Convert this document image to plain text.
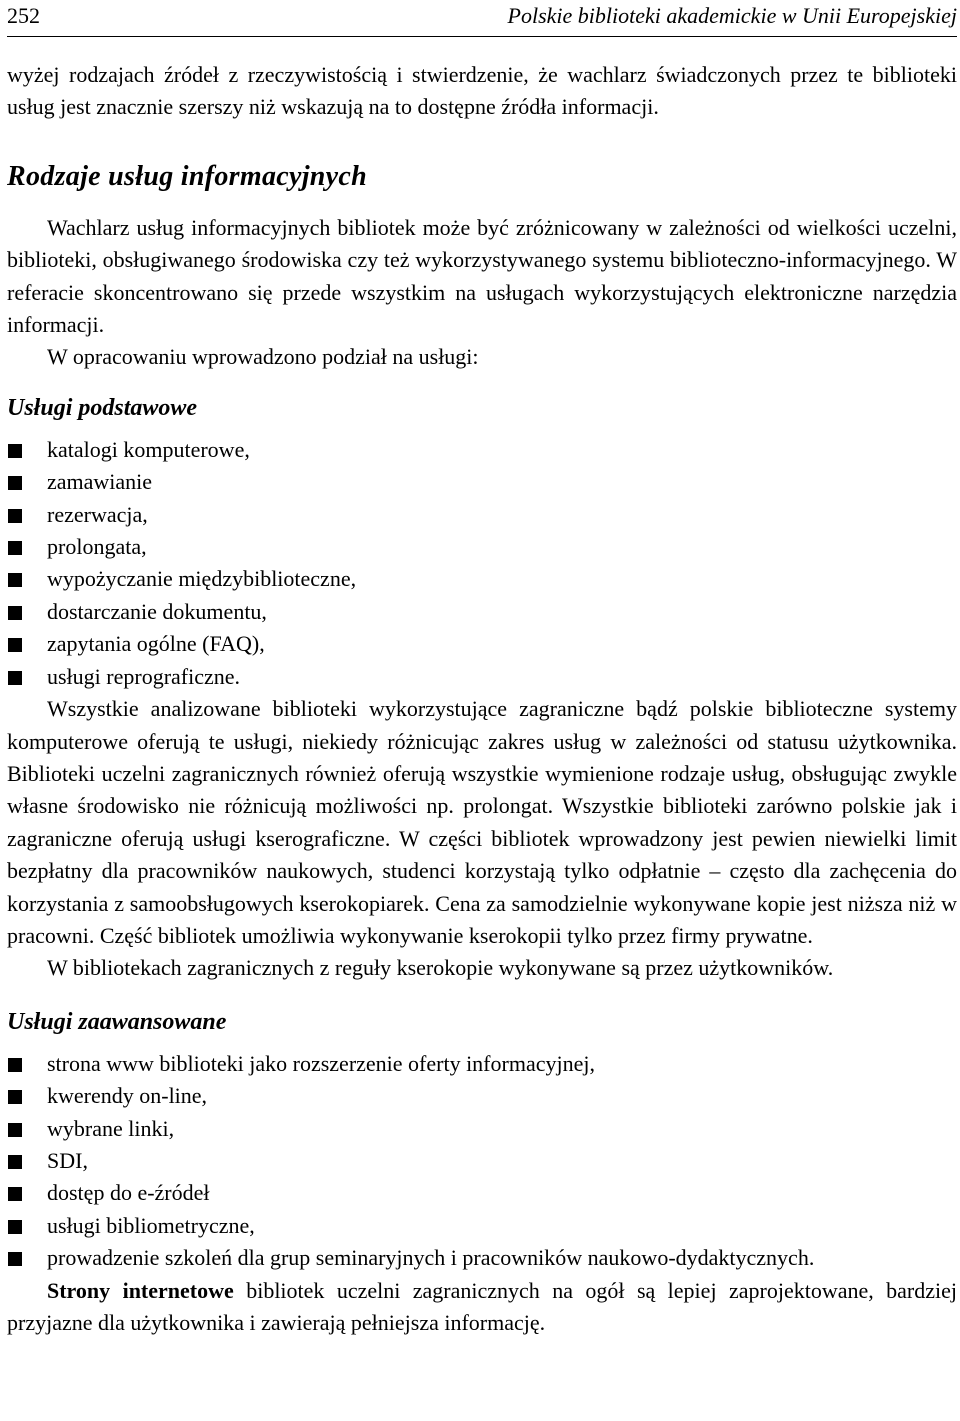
252	Polskie biblioteki akademickie w Unii Europejskiej

wyżej rodzajach źródeł z rzeczywistością i stwierdzenie, że wachlarz świadczonych przez te biblioteki usług jest znacznie szerszy niż wskazują na to dostępne źródła informacji.

Rodzaje usług informacyjnych

Wachlarz usług informacyjnych bibliotek może być zróżnicowany w zależności od wielkości uczelni, biblioteki, obsługiwanego środowiska czy też wykorzystywanego systemu biblioteczno-informacyjnego. W referacie skoncentrowano się przede wszystkim na usługach wykorzystujących elektroniczne narzędzia informacji.

W opracowaniu wprowadzono podział na usługi:

Usługi podstawowe
katalogi komputerowe,
zamawianie
rezerwacja,
prolongata,
wypożyczanie międzybiblioteczne,
dostarczanie dokumentu,
zapytania ogólne (FAQ),
usługi reprograficzne.

Wszystkie analizowane biblioteki wykorzystujące zagraniczne bądź polskie biblioteczne systemy komputerowe oferują te usługi, niekiedy różnicując zakres usług w zależności od statusu użytkownika. Biblioteki uczelni zagranicznych również oferują wszystkie wymienione rodzaje usług, obsługując zwykle własne środowisko nie różnicują możliwości np. prolongat. Wszystkie biblioteki zarówno polskie jak i zagraniczne oferują usługi kserograficzne. W części bibliotek wprowadzony jest pewien niewielki limit bezpłatny dla pracowników naukowych, studenci korzystają tylko odpłatnie – często dla zachęcenia do korzystania z samoobsługowych kserokopiarek. Cena za samodzielnie wykonywane kopie jest niższa niż w pracowni. Część bibliotek umożliwia wykonywanie kserokopii tylko przez firmy prywatne.

W bibliotekach zagranicznych z reguły kserokopie wykonywane są przez użytkowników.

Usługi zaawansowane
strona www biblioteki jako rozszerzenie oferty informacyjnej,
kwerendy on-line,
wybrane linki,
SDI,
dostęp do e-źródeł
usługi bibliometryczne,
prowadzenie szkoleń dla grup seminaryjnych i pracowników naukowo-dydaktycznych.

Strony internetowe bibliotek uczelni zagranicznych na ogół są lepiej zaprojektowane, bardziej przyjazne dla użytkownika i zawierają pełniejsza informację.
